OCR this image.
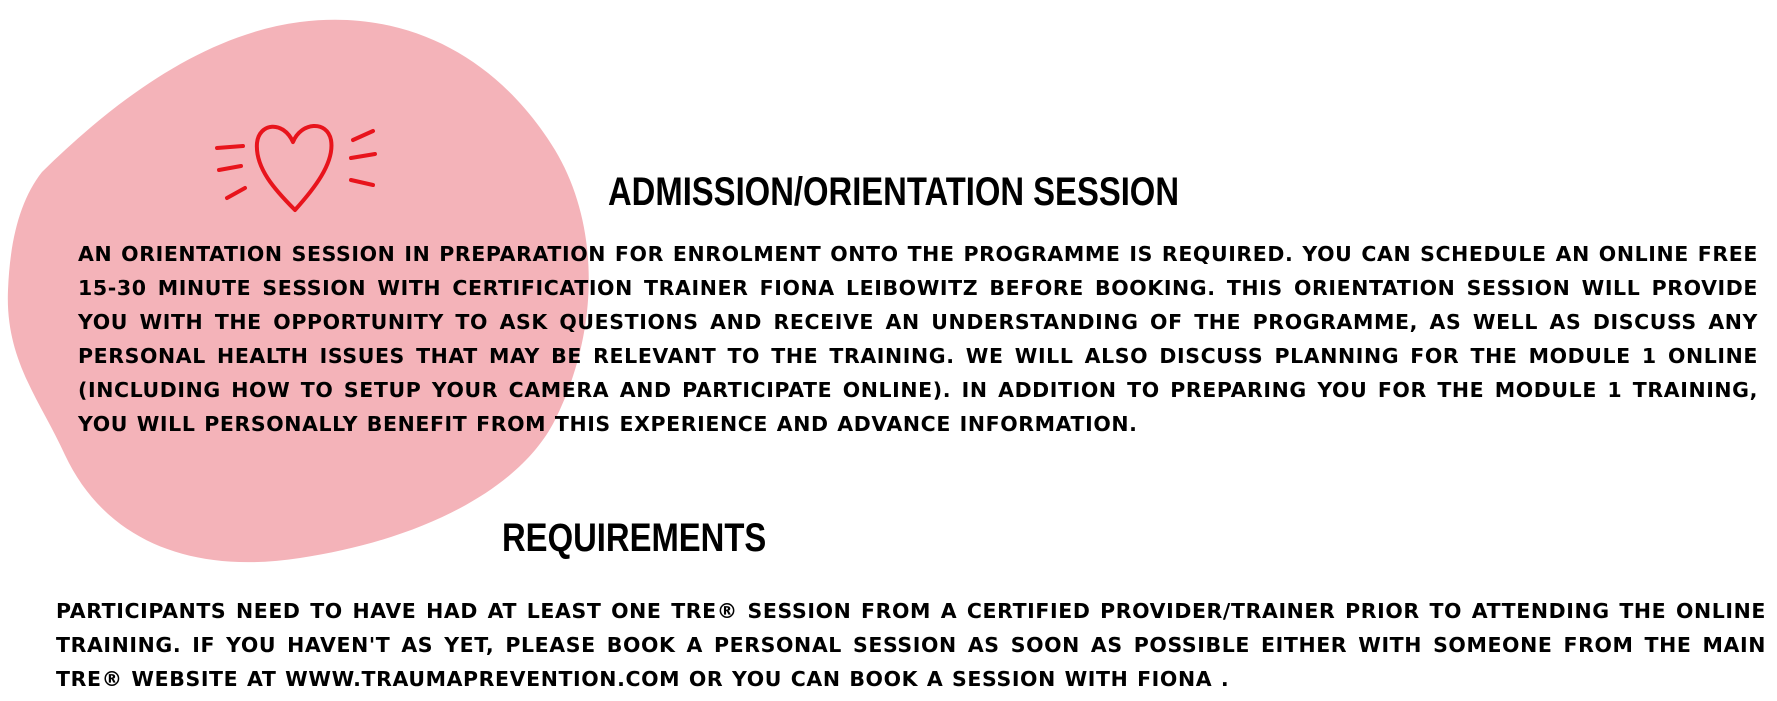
ADMISSION/ORIENTATION SESSION

AN ORIENTATION SESSION IN PREPARATION FOR ENROLMENT ONTO THE PROGRAMME IS REQUIRED. YOU CAN SCHEDULE AN ONLINE FREE 15-30 MINUTE SESSION WITH CERTIFICATION TRAINER FIONA LEIBOWITZ BEFORE BOOKING. THIS ORIENTATION SESSION WILL PROVIDE YOU WITH THE OPPORTUNITY TO ASK QUESTIONS AND RECEIVE AN UNDERSTANDING OF THE PROGRAMME, AS WELL AS DISCUSS ANY PERSONAL HEALTH ISSUES THAT MAY BE RELEVANT TO THE TRAINING. WE WILL ALSO DISCUSS PLANNING FOR THE MODULE 1 ONLINE (INCLUDING HOW TO SETUP YOUR CAMERA AND PARTICIPATE ONLINE). IN ADDITION TO PREPARING YOU FOR THE MODULE 1 TRAINING, YOU WILL PERSONALLY BENEFIT FROM THIS EXPERIENCE AND ADVANCE INFORMATION.

REQUIREMENTS

PARTICIPANTS NEED TO HAVE HAD AT LEAST ONE TRE® SESSION FROM A CERTIFIED PROVIDER/TRAINER PRIOR TO ATTENDING THE ONLINE TRAINING. IF YOU HAVEN'T AS YET, PLEASE BOOK A PERSONAL SESSION AS SOON AS POSSIBLE EITHER WITH SOMEONE FROM THE MAIN TRE® WEBSITE AT WWW.TRAUMAPREVENTION.COM OR YOU CAN BOOK A SESSION WITH FIONA .
